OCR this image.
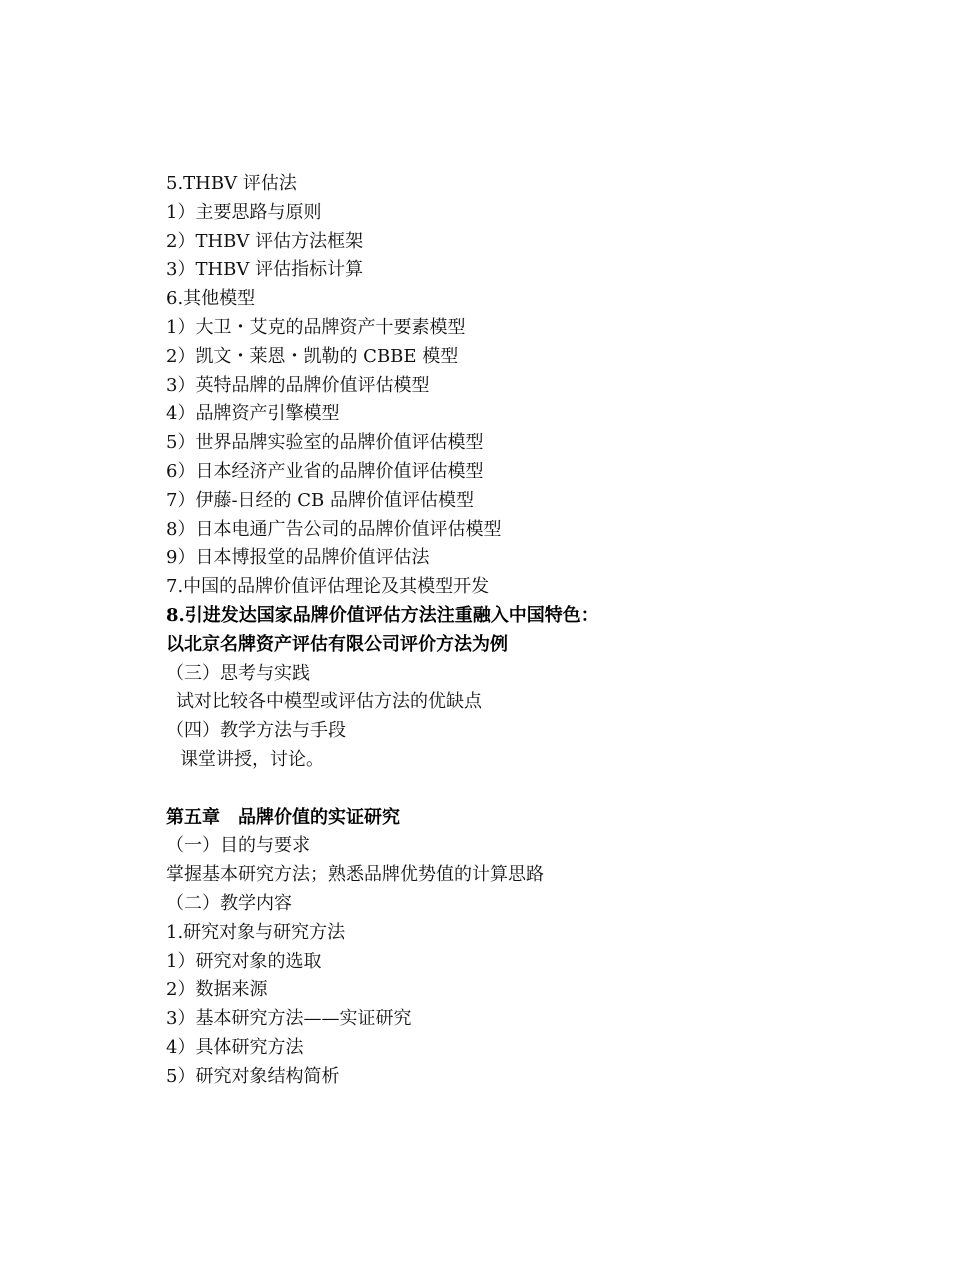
5.THBV 评估法
1）主要思路与原则
2）THBV 评估方法框架
3）THBV 评估指标计算
6.其他模型
1）大卫・艾克的品牌资产十要素模型
2）凯文・莱恩・凯勒的 CBBE 模型
3）英特品牌的品牌价值评估模型
4）品牌资产引擎模型
5）世界品牌实验室的品牌价值评估模型
6）日本经济产业省的品牌价值评估模型
7）伊藤-日经的 CB 品牌价值评估模型
8）日本电通广告公司的品牌价值评估模型
9）日本博报堂的品牌价值评估法
7.中国的品牌价值评估理论及其模型开发
8.引进发达国家品牌价值评估方法注重融入中国特色：
以北京名牌资产评估有限公司评价方法为例
（三）思考与实践
试对比较各中模型或评估方法的优缺点
（四）教学方法与手段
课堂讲授，讨论。
第五章　品牌价值的实证研究
（一）目的与要求
掌握基本研究方法；熟悉品牌优势值的计算思路
（二）教学内容
1.研究对象与研究方法
1）研究对象的选取
2）数据来源
3）基本研究方法——实证研究
4）具体研究方法
5）研究对象结构简析
